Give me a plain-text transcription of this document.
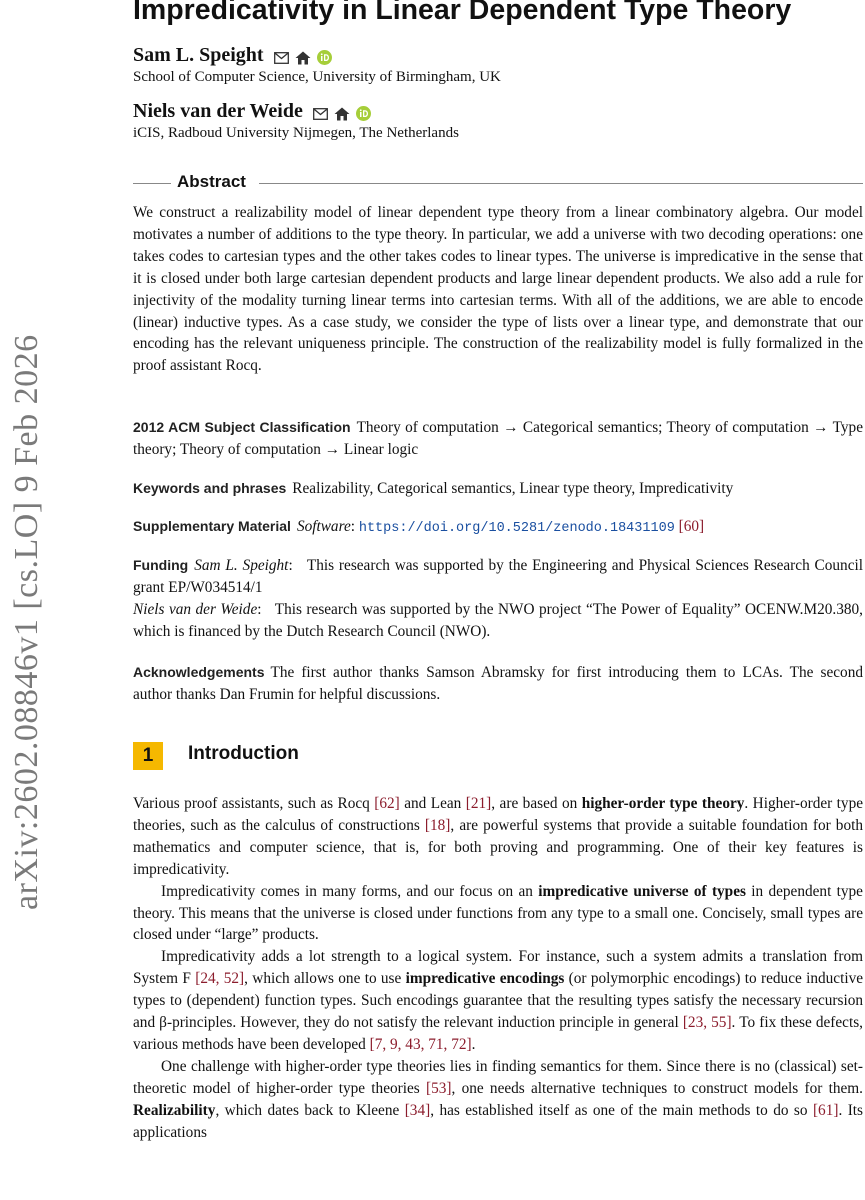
arXiv:2602.08846v1 [cs.LO] 9 Feb 2026
Impredicativity in Linear Dependent Type Theory
Sam L. Speight
School of Computer Science, University of Birmingham, UK
Niels van der Weide
iCIS, Radboud University Nijmegen, The Netherlands
Abstract
We construct a realizability model of linear dependent type theory from a linear combinatory algebra. Our model motivates a number of additions to the type theory. In particular, we add a universe with two decoding operations: one takes codes to cartesian types and the other takes codes to linear types. The universe is impredicative in the sense that it is closed under both large cartesian dependent products and large linear dependent products. We also add a rule for injectivity of the modality turning linear terms into cartesian terms. With all of the additions, we are able to encode (linear) inductive types. As a case study, we consider the type of lists over a linear type, and demonstrate that our encoding has the relevant uniqueness principle. The construction of the realizability model is fully formalized in the proof assistant Rocq.
2012 ACM Subject Classification Theory of computation → Categorical semantics; Theory of computation → Type theory; Theory of computation → Linear logic
Keywords and phrases Realizability, Categorical semantics, Linear type theory, Impredicativity
Supplementary Material Software: https://doi.org/10.5281/zenodo.18431109 [60]
Funding Sam L. Speight:   This research was supported by the Engineering and Physical Sciences Research Council grant EP/W034514/1
Niels van der Weide:   This research was supported by the NWO project “The Power of Equality” OCENW.M20.380, which is financed by the Dutch Research Council (NWO).
Acknowledgements The first author thanks Samson Abramsky for first introducing them to LCAs. The second author thanks Dan Frumin for helpful discussions.
1	Introduction

Various proof assistants, such as Rocq [62] and Lean [21], are based on higher-order type theory. Higher-order type theories, such as the calculus of constructions [18], are powerful systems that provide a suitable foundation for both mathematics and computer science, that is, for both proving and programming. One of their key features is impredicativity.

Impredicativity comes in many forms, and our focus on an impredicative universe of types in dependent type theory. This means that the universe is closed under functions from any type to a small one. Concisely, small types are closed under “large” products.

Impredicativity adds a lot strength to a logical system. For instance, such a system admits a translation from System F [24, 52], which allows one to use impredicative encodings (or polymorphic encodings) to reduce inductive types to (dependent) function types. Such encodings guarantee that the resulting types satisfy the necessary recursion and β-principles. However, they do not satisfy the relevant induction principle in general [23, 55]. To fix these defects, various methods have been developed [7, 9, 43, 71, 72].

One challenge with higher-order type theories lies in finding semantics for them. Since there is no (classical) set-theoretic model of higher-order type theories [53], one needs alternative techniques to construct models for them. Realizability, which dates back to Kleene [34], has established itself as one of the main methods to do so [61]. Its applications
